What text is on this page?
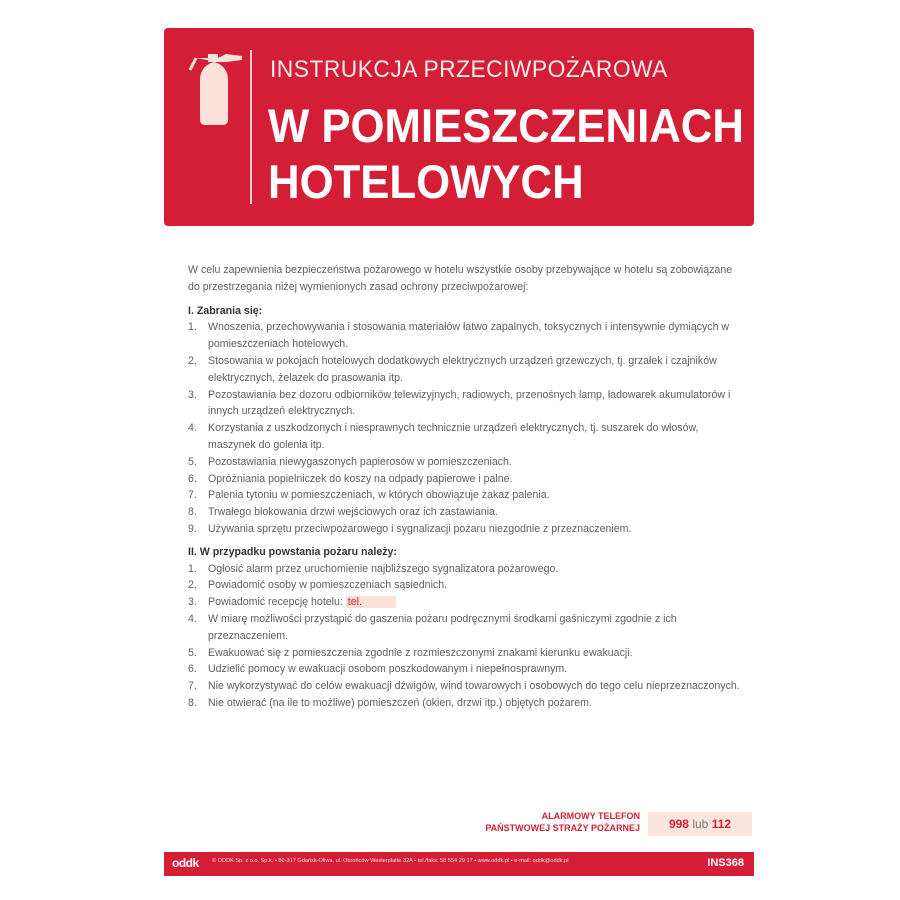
INSTRUKCJA PRZECIWPOŻAROWA
W POMIESZCZENIACH
HOTELOWYCH

W celu zapewnienia bezpieczeństwa pożarowego w hotelu wszystkie osoby przebywające w hotelu są zobowiązane do przestrzegania niżej wymienionych zasad ochrony przeciwpożarowej:

I. Zabrania się:

1. Wnoszenia, przechowywania i stosowania materiałów łatwo zapalnych, toksycznych i intensywnie dymiących w pomieszczeniach hotelowych.
2. Stosowania w pokojach hotelowych dodatkowych elektrycznych urządzeń grzewczych, tj. grzałek i czajników elektrycznych, żelazek do prasowania itp.
3. Pozostawiania bez dozoru odbiorników telewizyjnych, radiowych, przenośnych lamp, ładowarek akumulatorów i innych urządzeń elektrycznych.
4. Korzystania z uszkodzonych i niesprawnych technicznie urządzeń elektrycznych, tj. suszarek do włosów, maszynek do golenia itp.
5. Pozostawiania niewygaszonych papierosów w pomieszczeniach.
6. Opróżniania popielniczek do koszy na odpady papierowe i palne.
7. Palenia tytoniu w pomieszczeniach, w których obowiązuje zakaz palenia.
8. Trwałego blokowania drzwi wejściowych oraz ich zastawiania.
9. Używania sprzętu przeciwpożarowego i sygnalizacji pożaru niezgodnie z przeznaczeniem.

II. W przypadku powstania pożaru należy:

1. Ogłosić alarm przez uruchomienie najbliższego sygnalizatora pożarowego.
2. Powiadomić osoby w pomieszczeniach sąsiednich.
3. Powiadomić recepcję hotelu: tel.
4. W miarę możliwości przystąpić do gaszenia pożaru podręcznymi środkami gaśniczymi zgodnie z ich przeznaczeniem.
5. Ewakuować się z pomieszczenia zgodnie z rozmieszczonymi znakami kierunku ewakuacji.
6. Udzielić pomocy w ewakuacji osobom poszkodowanym i niepełnosprawnym.
7. Nie wykorzystywać do celów ewakuacji dźwigów, wind towarowych i osobowych do tego celu nieprzeznaczonych.
8. Nie otwierać (na ile to możliwe) pomieszczeń (okien, drzwi itp.) objętych pożarem.
ALARMOWY TELEFON
PAŃSTWOWEJ STRAŻY POŻARNEJ	998 lub 112
oddk © ODDK Sp. z o.o. Sp.k. • 80-317 Gdańsk-Oliwa, ul. Obrońców Westerplatte 32A • tel./faks: 58 554 29 17 • www.oddk.pl • e-mail: oddk@oddk.pl	INS368
